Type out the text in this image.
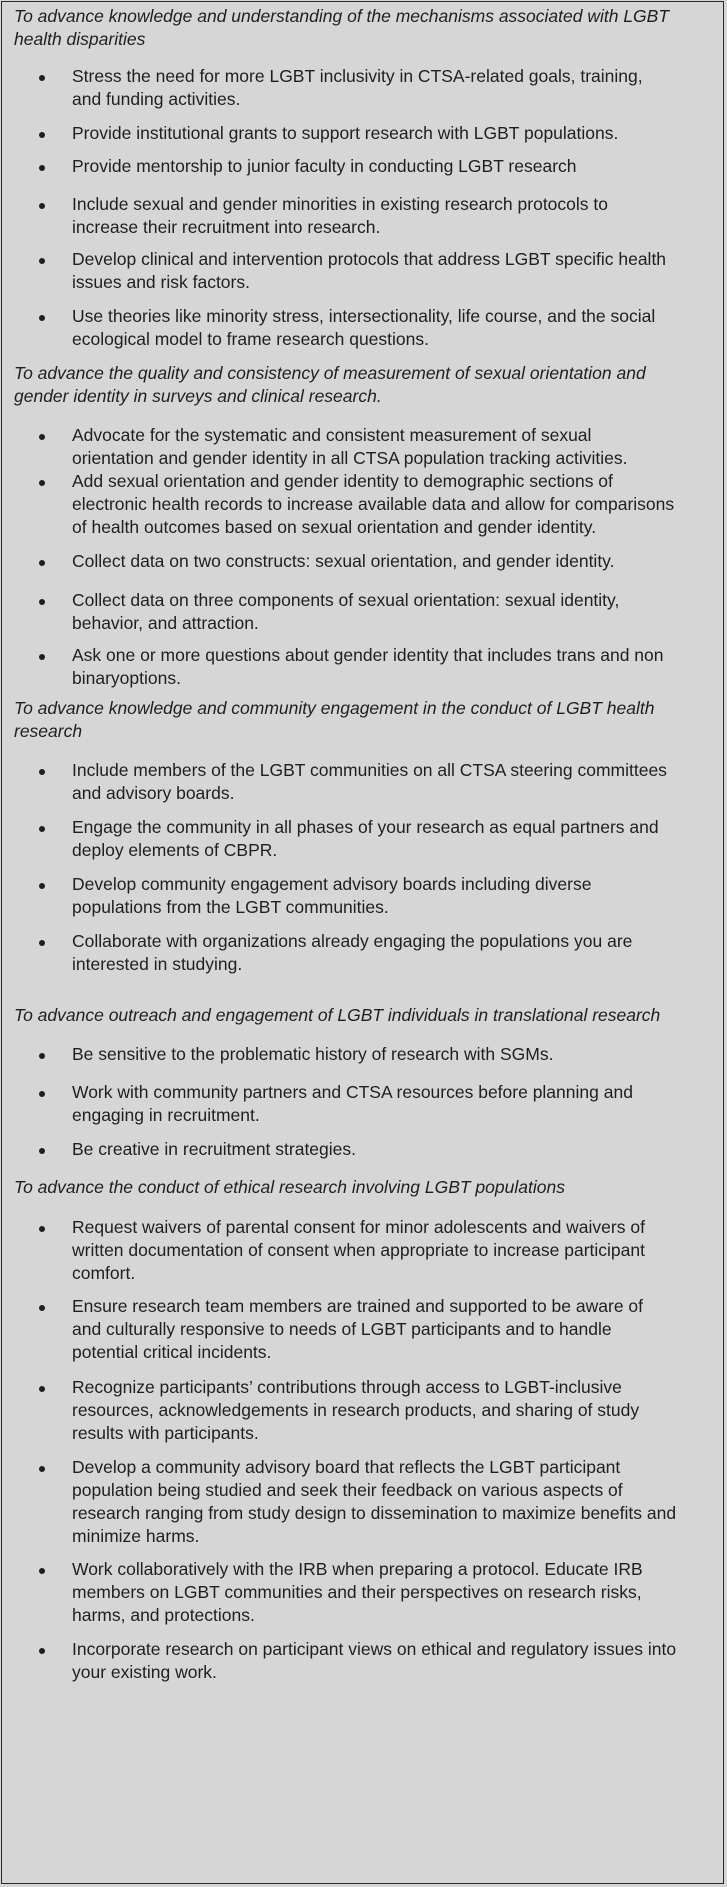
To advance knowledge and understanding of the mechanisms associated with LGBT
health disparities
Stress the need for more LGBT inclusivity in CTSA-related goals, training,
and funding activities.
Provide institutional grants to support research with LGBT populations.
Provide mentorship to junior faculty in conducting LGBT research
Include sexual and gender minorities in existing research protocols to
increase their recruitment into research.
Develop clinical and intervention protocols that address LGBT specific health
issues and risk factors.
Use theories like minority stress, intersectionality, life course, and the social
ecological model to frame research questions.
To advance the quality and consistency of measurement of sexual orientation and
gender identity in surveys and clinical research.
Advocate for the systematic and consistent measurement of sexual
orientation and gender identity in all CTSA population tracking activities.
Add sexual orientation and gender identity to demographic sections of
electronic health records to increase available data and allow for comparisons
of health outcomes based on sexual orientation and gender identity.
Collect data on two constructs: sexual orientation, and gender identity.
Collect data on three components of sexual orientation: sexual identity,
behavior, and attraction.
Ask one or more questions about gender identity that includes trans and non
binaryoptions.
To advance knowledge and community engagement in the conduct of LGBT health
research
Include members of the LGBT communities on all CTSA steering committees
and advisory boards.
Engage the community in all phases of your research as equal partners and
deploy elements of CBPR.
Develop community engagement advisory boards including diverse
populations from the LGBT communities.
Collaborate with organizations already engaging the populations you are
interested in studying.
To advance outreach and engagement of LGBT individuals in translational research
Be sensitive to the problematic history of research with SGMs.
Work with community partners and CTSA resources before planning and
engaging in recruitment.
Be creative in recruitment strategies.
To advance the conduct of ethical research involving LGBT populations
Request waivers of parental consent for minor adolescents and waivers of
written documentation of consent when appropriate to increase participant
comfort.
Ensure research team members are trained and supported to be aware of
and culturally responsive to needs of LGBT participants and to handle
potential critical incidents.
Recognize participants’ contributions through access to LGBT-inclusive
resources, acknowledgements in research products, and sharing of study
results with participants.
Develop a community advisory board that reflects the LGBT participant
population being studied and seek their feedback on various aspects of
research ranging from study design to dissemination to maximize benefits and
minimize harms.
Work collaboratively with the IRB when preparing a protocol. Educate IRB
members on LGBT communities and their perspectives on research risks,
harms, and protections.
Incorporate research on participant views on ethical and regulatory issues into
your existing work.
